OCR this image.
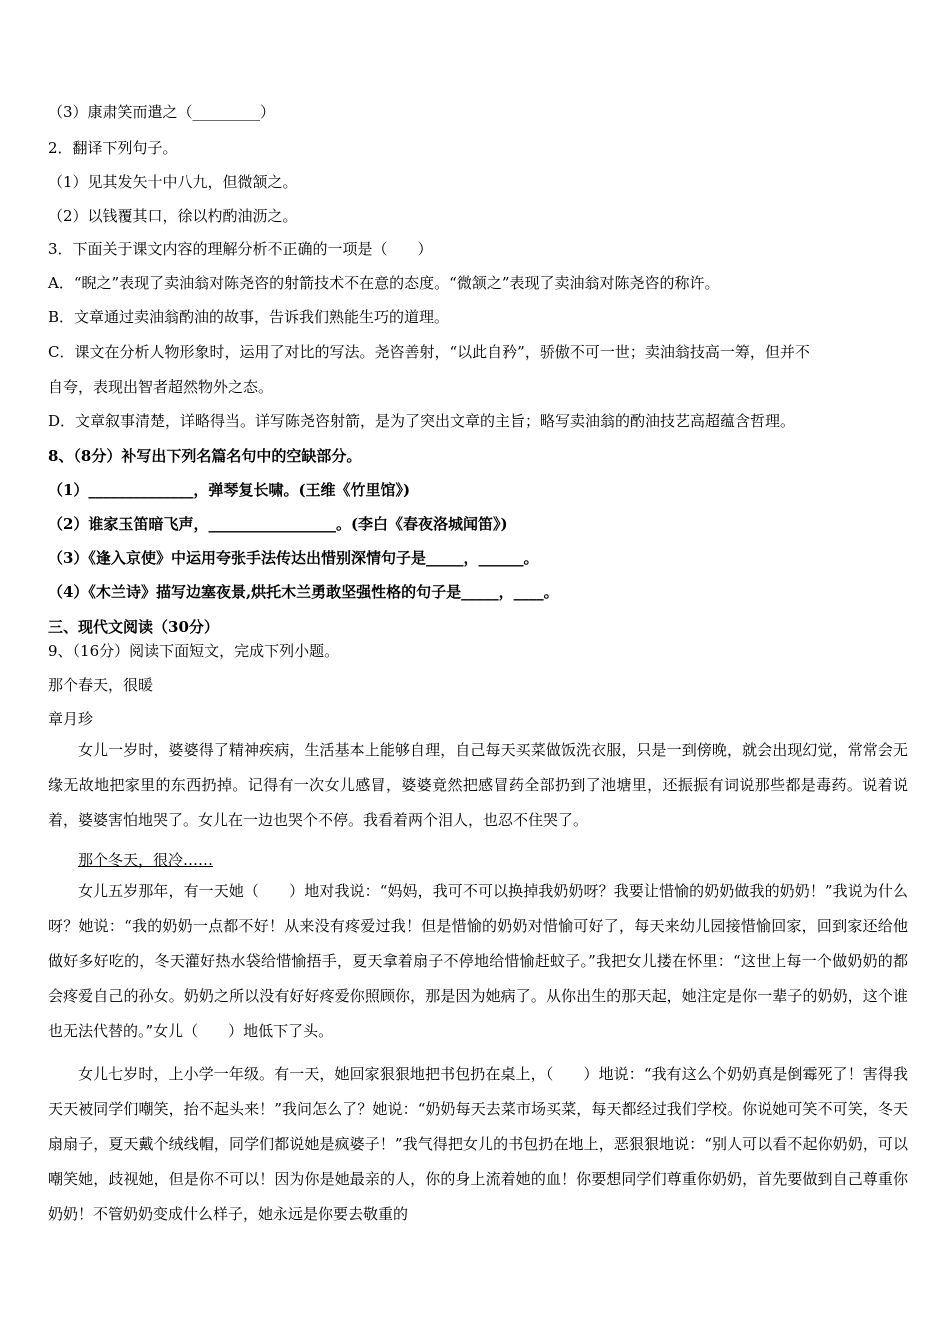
（3）康肃笑而遣之（_________）
2．翻译下列句子。
（1）见其发矢十中八九，但微颔之。
（2）以钱覆其口，徐以杓酌油沥之。
3．下面关于课文内容的理解分析不正确的一项是（　　）
A．“睨之”表现了卖油翁对陈尧咨的射箭技术不在意的态度。“微颔之”表现了卖油翁对陈尧咨的称许。
B．文章通过卖油翁酌油的故事，告诉我们熟能生巧的道理。
C．课文在分析人物形象时，运用了对比的写法。尧咨善射，“以此自矜”，骄傲不可一世；卖油翁技高一筹，但并不
自夸，表现出智者超然物外之态。
D．文章叙事清楚，详略得当。详写陈尧咨射箭，是为了突出文章的主旨；略写卖油翁的酌油技艺高超蕴含哲理。
8、（8分）补写出下列名篇名句中的空缺部分。
（1）______________，弹琴复长啸。(王维《竹里馆》)
（2）谁家玉笛暗飞声，_________________。(李白《春夜洛城闻笛》)
（3）《逢入京使》中运用夸张手法传达出惜别深情句子是_____，______。
（4）《木兰诗》描写边塞夜景,烘托木兰勇敢坚强性格的句子是_____，____。
三、现代文阅读（30分）
9、（16分）阅读下面短文，完成下列小题。
那个春天，很暖
章月珍

女儿一岁时，婆婆得了精神疾病，生活基本上能够自理，自己每天买菜做饭洗衣服，只是一到傍晚，就会出现幻觉，常常会无缘无故地把家里的东西扔掉。记得有一次女儿感冒，婆婆竟然把感冒药全部扔到了池塘里，还振振有词说那些都是毒药。说着说着，婆婆害怕地哭了。女儿在一边也哭个不停。我看着两个泪人，也忍不住哭了。

那个冬天，很冷……

女儿五岁那年，有一天她（　　）地对我说：“妈妈，我可不可以换掉我奶奶呀？我要让惜愉的奶奶做我的奶奶！”我说为什么呀？她说：“我的奶奶一点都不好！从来没有疼爱过我！但是惜愉的奶奶对惜愉可好了，每天来幼儿园接惜愉回家，回到家还给他做好多好吃的，冬天灌好热水袋给惜愉捂手，夏天拿着扇子不停地给惜愉赶蚊子。”我把女儿搂在怀里：“这世上每一个做奶奶的都会疼爱自己的孙女。奶奶之所以没有好好疼爱你照顾你，那是因为她病了。从你出生的那天起，她注定是你一辈子的奶奶，这个谁也无法代替的。”女儿（　　）地低下了头。

女儿七岁时，上小学一年级。有一天，她回家狠狠地把书包扔在桌上，（　　）地说：“我有这么个奶奶真是倒霉死了！害得我天天被同学们嘲笑，抬不起头来！”我问怎么了？她说：“奶奶每天去菜市场买菜，每天都经过我们学校。你说她可笑不可笑，冬天扇扇子，夏天戴个绒线帽，同学们都说她是疯婆子！”我气得把女儿的书包扔在地上，恶狠狠地说：“别人可以看不起你奶奶，可以嘲笑她，歧视她，但是你不可以！因为你是她最亲的人，你的身上流着她的血！你要想同学们尊重你奶奶，首先要做到自己尊重你奶奶！不管奶奶变成什么样子，她永远是你要去敬重的
